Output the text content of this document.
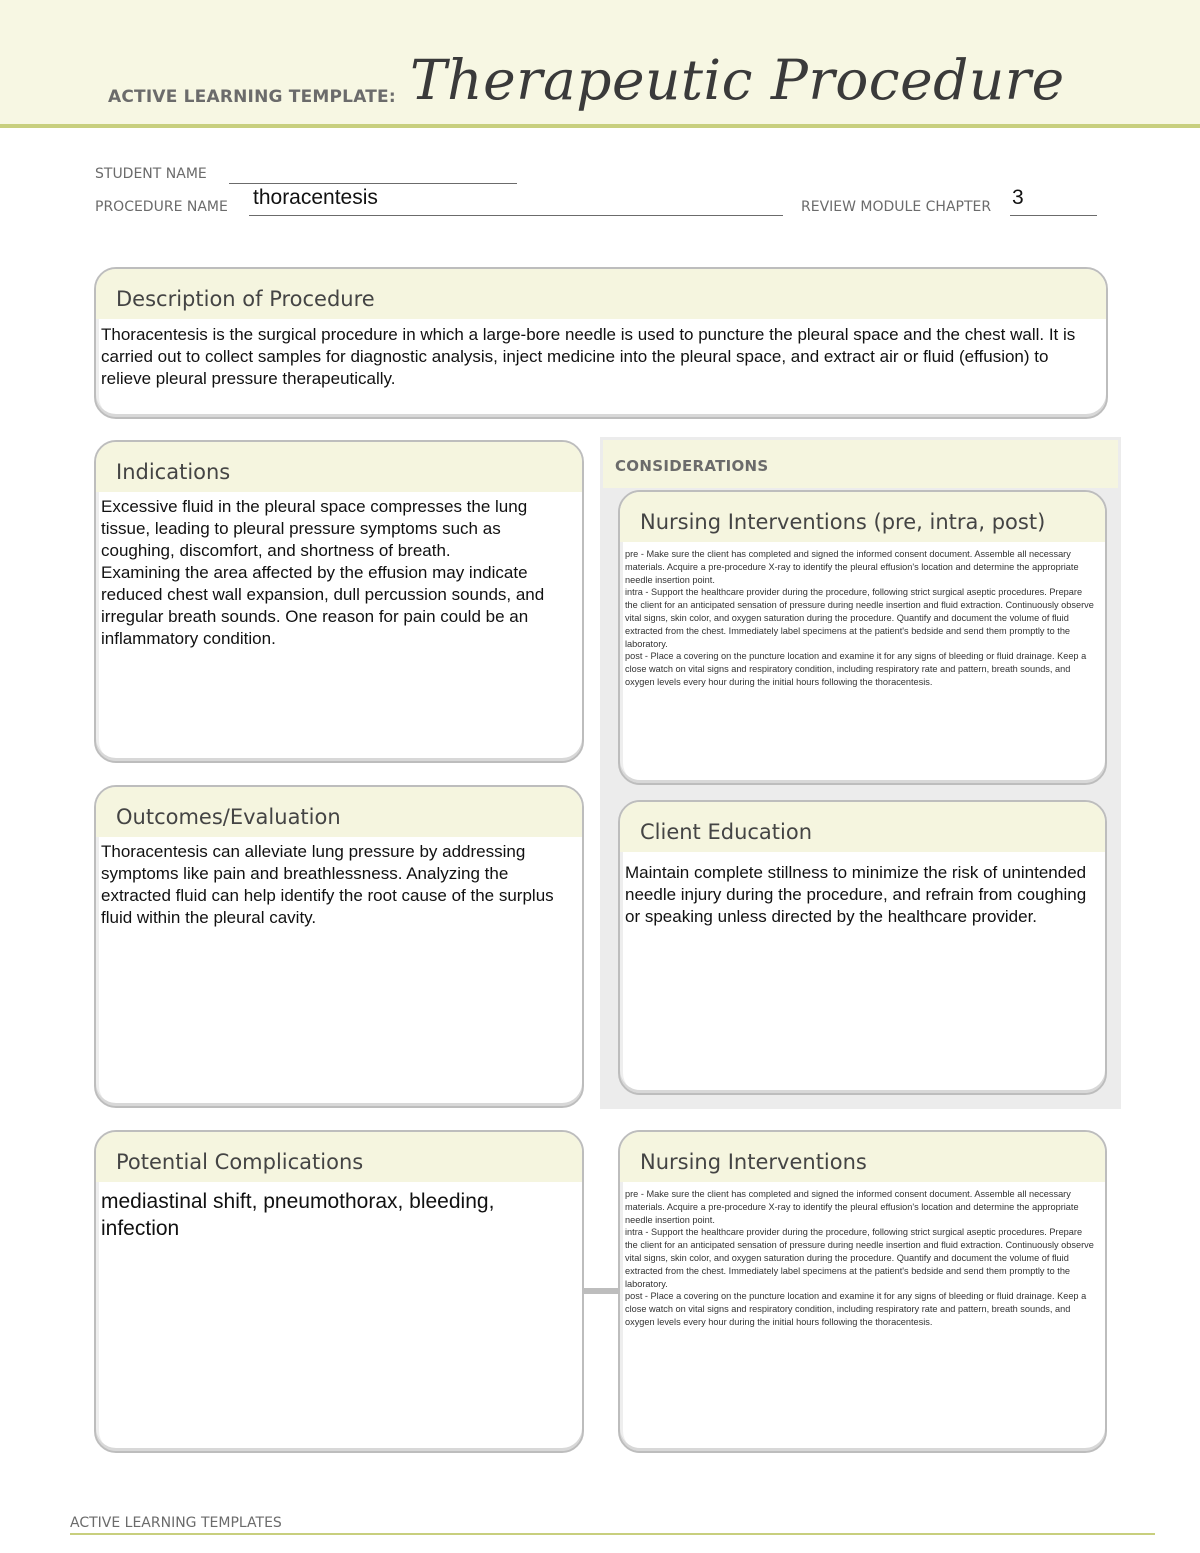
ACTIVE LEARNING TEMPLATE: Therapeutic Procedure
STUDENT NAME
PROCEDURE NAME thoracentesis	REVIEW MODULE CHAPTER 3
Description of Procedure
Thoracentesis is the surgical procedure in which a large-bore needle is used to puncture the pleural space and the chest wall. It is carried out to collect samples for diagnostic analysis, inject medicine into the pleural space, and extract air or fluid (effusion) to relieve pleural pressure therapeutically.
CONSIDERATIONS
Indications
Excessive fluid in the pleural space compresses the lung tissue, leading to pleural pressure symptoms such as coughing, discomfort, and shortness of breath.
Examining the area affected by the effusion may indicate reduced chest wall expansion, dull percussion sounds, and irregular breath sounds. One reason for pain could be an inflammatory condition.
Nursing Interventions (pre, intra, post)
pre - Make sure the client has completed and signed the informed consent document. Assemble all necessary materials. Acquire a pre-procedure X-ray to identify the pleural effusion's location and determine the appropriate needle insertion point.
intra - Support the healthcare provider during the procedure, following strict surgical aseptic procedures. Prepare the client for an anticipated sensation of pressure during needle insertion and fluid extraction. Continuously observe vital signs, skin color, and oxygen saturation during the procedure. Quantify and document the volume of fluid extracted from the chest. Immediately label specimens at the patient's bedside and send them promptly to the laboratory.
post - Place a covering on the puncture location and examine it for any signs of bleeding or fluid drainage. Keep a close watch on vital signs and respiratory condition, including respiratory rate and pattern, breath sounds, and oxygen levels every hour during the initial hours following the thoracentesis.
Outcomes/Evaluation
Thoracentesis can alleviate lung pressure by addressing symptoms like pain and breathlessness. Analyzing the extracted fluid can help identify the root cause of the surplus fluid within the pleural cavity.
Client Education
Maintain complete stillness to minimize the risk of unintended needle injury during the procedure, and refrain from coughing or speaking unless directed by the healthcare provider.
Potential Complications
mediastinal shift, pneumothorax, bleeding, infection
Nursing Interventions
pre - Make sure the client has completed and signed the informed consent document. Assemble all necessary materials. Acquire a pre-procedure X-ray to identify the pleural effusion's location and determine the appropriate needle insertion point.
intra - Support the healthcare provider during the procedure, following strict surgical aseptic procedures. Prepare the client for an anticipated sensation of pressure during needle insertion and fluid extraction. Continuously observe vital signs, skin color, and oxygen saturation during the procedure. Quantify and document the volume of fluid extracted from the chest. Immediately label specimens at the patient's bedside and send them promptly to the laboratory.
post - Place a covering on the puncture location and examine it for any signs of bleeding or fluid drainage. Keep a close watch on vital signs and respiratory condition, including respiratory rate and pattern, breath sounds, and oxygen levels every hour during the initial hours following the thoracentesis.
ACTIVE LEARNING TEMPLATES
